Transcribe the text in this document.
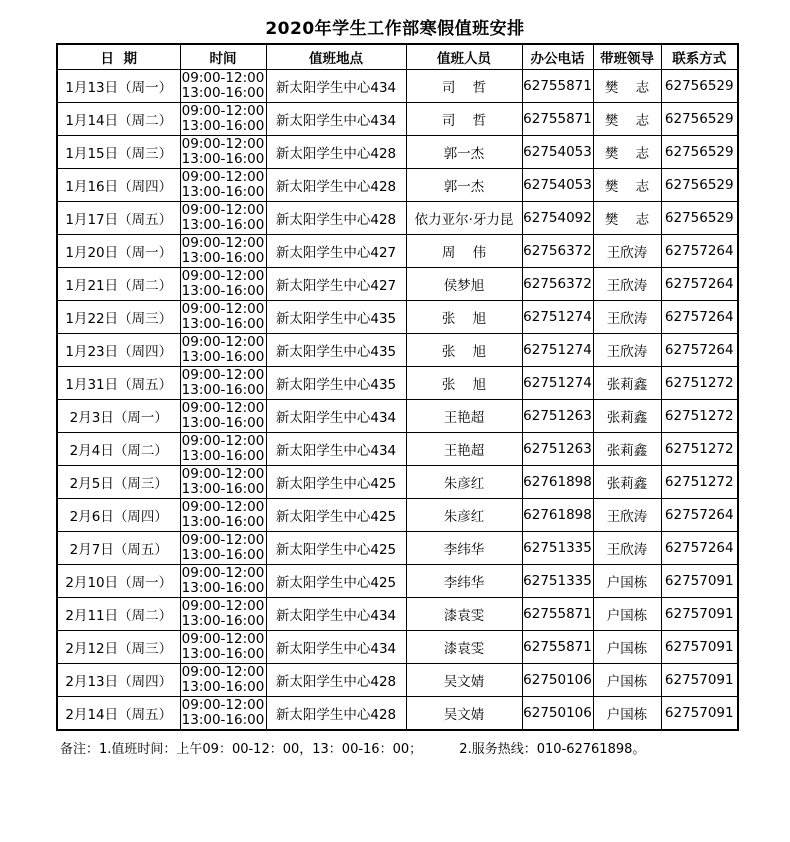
2020年学生工作部寒假值班安排
日  期	时间	值班地点	值班人员	办公电话	带班领导	联系方式
1月13日（周一）	09:00-12:00
13:00-16:00	新太阳学生中心434	司    哲	62755871	樊    志	62756529
1月14日（周二）	09:00-12:00
13:00-16:00	新太阳学生中心434	司    哲	62755871	樊    志	62756529
1月15日（周三）	09:00-12:00
13:00-16:00	新太阳学生中心428	郭一杰	62754053	樊    志	62756529
1月16日（周四）	09:00-12:00
13:00-16:00	新太阳学生中心428	郭一杰	62754053	樊    志	62756529
1月17日（周五）	09:00-12:00
13:00-16:00	新太阳学生中心428	依力亚尔·牙力昆	62754092	樊    志	62756529
1月20日（周一）	09:00-12:00
13:00-16:00	新太阳学生中心427	周    伟	62756372	王欣涛	62757264
1月21日（周二）	09:00-12:00
13:00-16:00	新太阳学生中心427	侯梦旭	62756372	王欣涛	62757264
1月22日（周三）	09:00-12:00
13:00-16:00	新太阳学生中心435	张    旭	62751274	王欣涛	62757264
1月23日（周四）	09:00-12:00
13:00-16:00	新太阳学生中心435	张    旭	62751274	王欣涛	62757264
1月31日（周五）	09:00-12:00
13:00-16:00	新太阳学生中心435	张    旭	62751274	张莉鑫	62751272
2月3日（周一）	09:00-12:00
13:00-16:00	新太阳学生中心434	王艳超	62751263	张莉鑫	62751272
2月4日（周二）	09:00-12:00
13:00-16:00	新太阳学生中心434	王艳超	62751263	张莉鑫	62751272
2月5日（周三）	09:00-12:00
13:00-16:00	新太阳学生中心425	朱彦红	62761898	张莉鑫	62751272
2月6日（周四）	09:00-12:00
13:00-16:00	新太阳学生中心425	朱彦红	62761898	王欣涛	62757264
2月7日（周五）	09:00-12:00
13:00-16:00	新太阳学生中心425	李纬华	62751335	王欣涛	62757264
2月10日（周一）	09:00-12:00
13:00-16:00	新太阳学生中心425	李纬华	62751335	户国栋	62757091
2月11日（周二）	09:00-12:00
13:00-16:00	新太阳学生中心434	漆袁雯	62755871	户国栋	62757091
2月12日（周三）	09:00-12:00
13:00-16:00	新太阳学生中心434	漆袁雯	62755871	户国栋	62757091
2月13日（周四）	09:00-12:00
13:00-16:00	新太阳学生中心428	吴文婧	62750106	户国栋	62757091
2月14日（周五）	09:00-12:00
13:00-16:00	新太阳学生中心428	吴文婧	62750106	户国栋	62757091
备注：1.值班时间：上午09：00-12：00，13：00-16：00；         2.服务热线：010-62761898。
